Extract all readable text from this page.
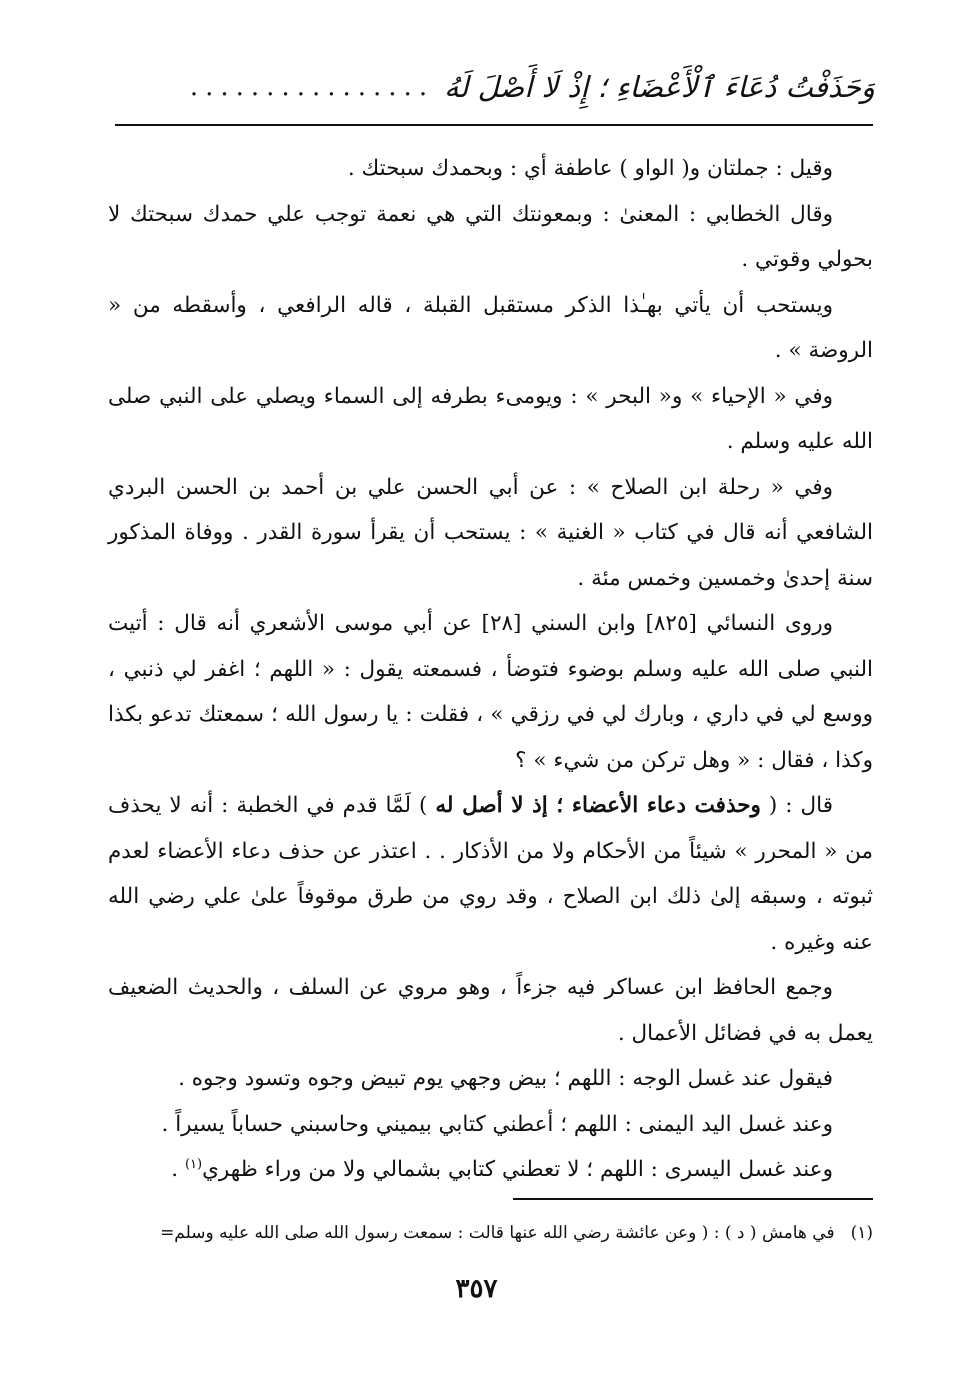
وَحَذَفْتُ دُعَاءَ ٱلْأَعْضَاءِ ؛ إِذْ لَا أَصْلَ لَهُ
................

وقيل : جملتان و( الواو ) عاطفة أي : وبحمدك سبحتك .

وقال الخطابي : المعنىٰ : وبمعونتك التي هي نعمة توجب علي حمدك سبحتك لا بحولي وقوتي .

ويستحب أن يأتي بهـٰذا الذكر مستقبل القبلة ، قاله الرافعي ، وأسقطه من « الروضة » .

وفي « الإحياء » و« البحر » : ويومىء بطرفه إلى السماء ويصلي على النبي صلى الله عليه وسلم .

وفي « رحلة ابن الصلاح » : عن أبي الحسن علي بن أحمد بن الحسن البردي الشافعي أنه قال في كتاب « الغنية » : يستحب أن يقرأ سورة القدر . ووفاة المذكور سنة إحدىٰ وخمسين وخمس مئة .

وروى النسائي [٨٢٥] وابن السني [٢٨] عن أبي موسى الأشعري أنه قال : أتيت النبي صلى الله عليه وسلم بوضوء فتوضأ ، فسمعته يقول : « اللهم ؛ اغفر لي ذنبي ، ووسع لي في داري ، وبارك لي في رزقي » ، فقلت : يا رسول الله ؛ سمعتك تدعو بكذا وكذا ، فقال : « وهل تركن من شيء » ؟

قال : ( وحذفت دعاء الأعضاء ؛ إذ لا أصل له ) لَمَّا قدم في الخطبة : أنه لا يحذف من « المحرر » شيئاً من الأحكام ولا من الأذكار . . اعتذر عن حذف دعاء الأعضاء لعدم ثبوته ، وسبقه إلىٰ ذلك ابن الصلاح ، وقد روي من طرق موقوفاً علىٰ علي رضي الله عنه وغيره .

وجمع الحافظ ابن عساكر فيه جزءاً ، وهو مروي عن السلف ، والحديث الضعيف يعمل به في فضائل الأعمال .

فيقول عند غسل الوجه : اللهم ؛ بيض وجهي يوم تبيض وجوه وتسود وجوه .

وعند غسل اليد اليمنى : اللهم ؛ أعطني كتابي بيميني وحاسبني حساباً يسيراً .

وعند غسل اليسرى : اللهم ؛ لا تعطني كتابي بشمالي ولا من وراء ظهري$^{(١)}$ .

(١)في هامش ( د ) : ( وعن عائشة رضي الله عنها قالت : سمعت رسول الله صلى الله عليه وسلم=
٣٥٧
